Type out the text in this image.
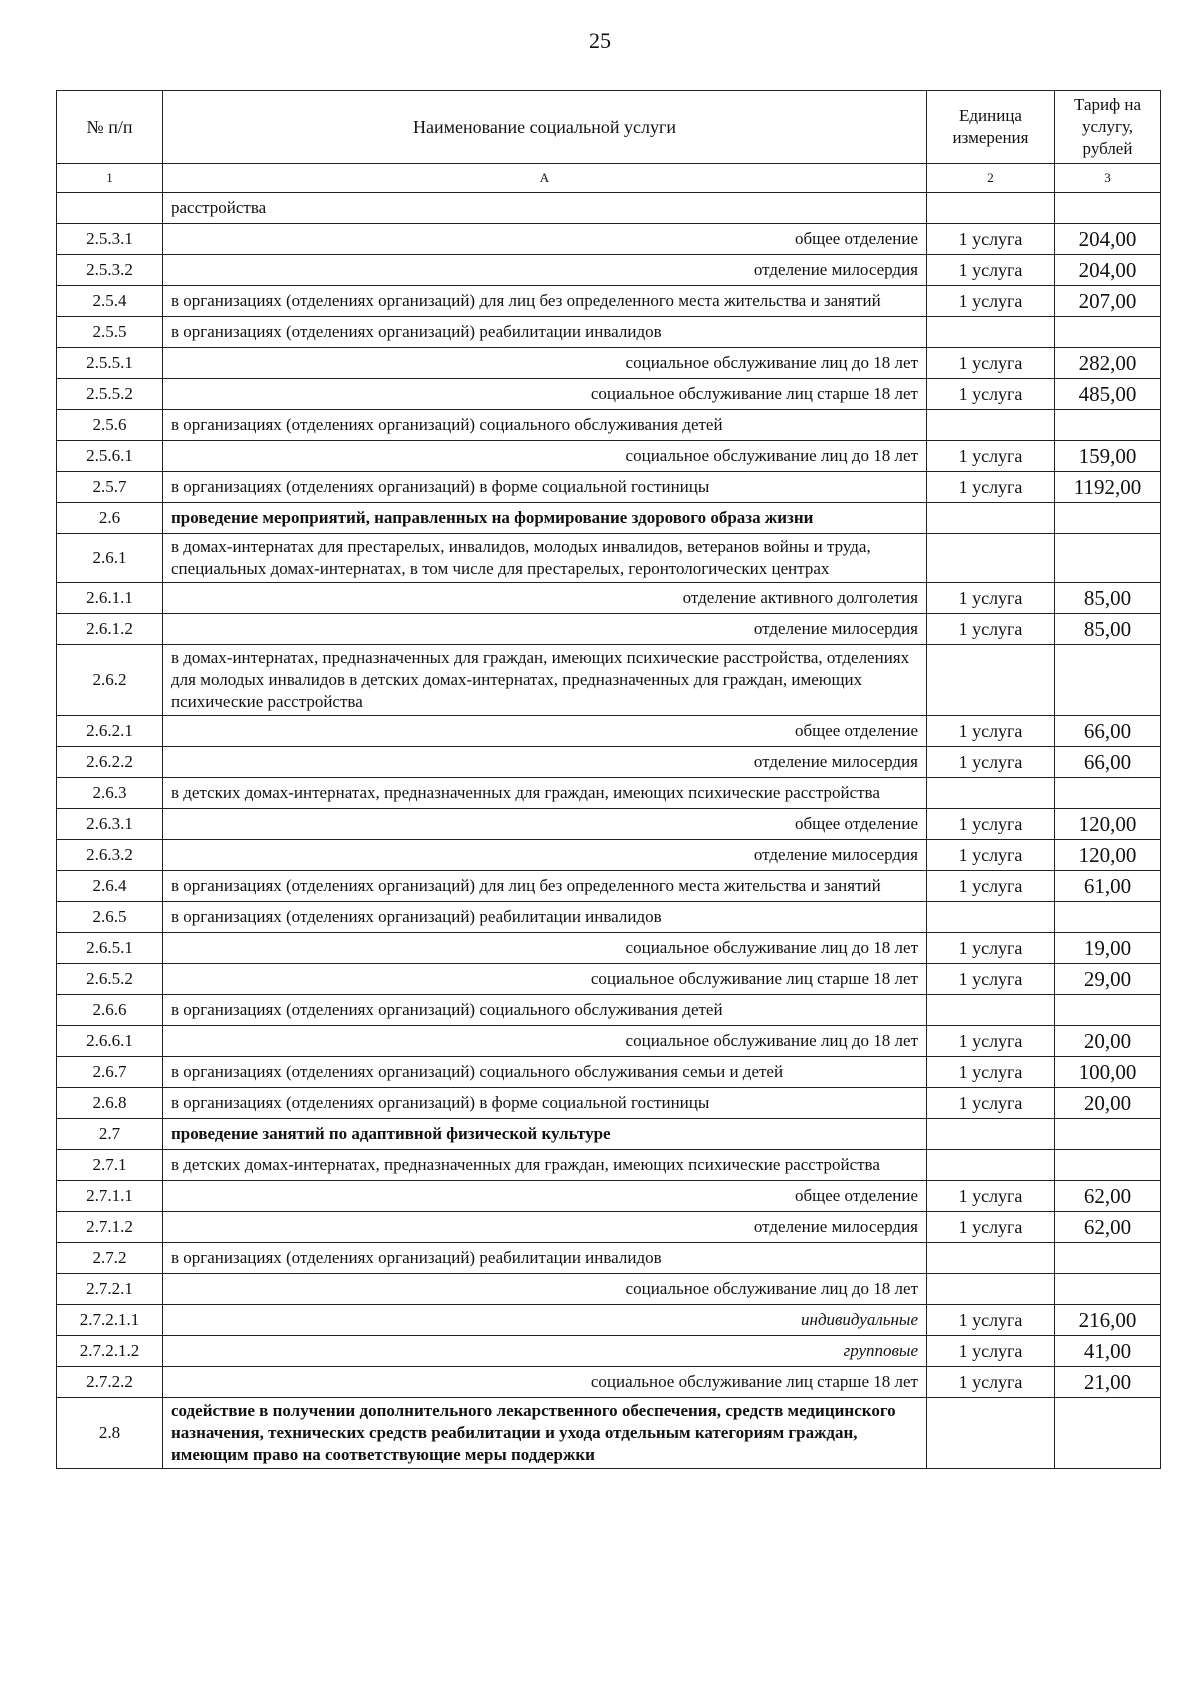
25
№ п/п	Наименование социальной услуги	Единица измерения	Тариф на услугу, рублей
1	А	2	3
	расстройства		
2.5.3.1	общее отделение	1 услуга	204,00
2.5.3.2	отделение милосердия	1 услуга	204,00
2.5.4	в организациях (отделениях организаций) для лиц без определенного места жительства и занятий	1 услуга	207,00
2.5.5	в организациях (отделениях организаций) реабилитации инвалидов		
2.5.5.1	социальное обслуживание лиц до 18 лет	1 услуга	282,00
2.5.5.2	социальное обслуживание лиц старше 18 лет	1 услуга	485,00
2.5.6	в организациях (отделениях организаций) социального обслуживания детей		
2.5.6.1	социальное обслуживание лиц до 18 лет	1 услуга	159,00
2.5.7	в организациях (отделениях организаций) в форме социальной гостиницы	1 услуга	1192,00
2.6	проведение мероприятий, направленных на формирование здорового образа жизни		
2.6.1	в домах-интернатах для престарелых, инвалидов, молодых инвалидов, ветеранов войны и труда, специальных домах-интернатах, в том числе для престарелых, геронтологических центрах		
2.6.1.1	отделение активного долголетия	1 услуга	85,00
2.6.1.2	отделение милосердия	1 услуга	85,00
2.6.2	в домах-интернатах, предназначенных для граждан, имеющих психические расстройства, отделениях для молодых инвалидов в детских домах-интернатах, предназначенных для граждан, имеющих психические расстройства		
2.6.2.1	общее отделение	1 услуга	66,00
2.6.2.2	отделение милосердия	1 услуга	66,00
2.6.3	в детских домах-интернатах, предназначенных для граждан, имеющих психические расстройства		
2.6.3.1	общее отделение	1 услуга	120,00
2.6.3.2	отделение милосердия	1 услуга	120,00
2.6.4	в организациях (отделениях организаций) для лиц без определенного места жительства и занятий	1 услуга	61,00
2.6.5	в организациях (отделениях организаций) реабилитации инвалидов		
2.6.5.1	социальное обслуживание лиц до 18 лет	1 услуга	19,00
2.6.5.2	социальное обслуживание лиц старше 18 лет	1 услуга	29,00
2.6.6	в организациях (отделениях организаций) социального обслуживания детей		
2.6.6.1	социальное обслуживание лиц до 18 лет	1 услуга	20,00
2.6.7	в организациях (отделениях организаций) социального обслуживания семьи и детей	1 услуга	100,00
2.6.8	в организациях (отделениях организаций) в форме социальной гостиницы	1 услуга	20,00
2.7	проведение занятий по адаптивной физической культуре		
2.7.1	в детских домах-интернатах, предназначенных для граждан, имеющих психические расстройства		
2.7.1.1	общее отделение	1 услуга	62,00
2.7.1.2	отделение милосердия	1 услуга	62,00
2.7.2	в организациях (отделениях организаций) реабилитации инвалидов		
2.7.2.1	социальное обслуживание лиц до 18 лет		
2.7.2.1.1	индивидуальные	1 услуга	216,00
2.7.2.1.2	групповые	1 услуга	41,00
2.7.2.2	социальное обслуживание лиц старше 18 лет	1 услуга	21,00
2.8	содействие в получении дополнительного лекарственного обеспечения, средств медицинского назначения, технических средств реабилитации и ухода отдельным категориям граждан, имеющим право на соответствующие меры поддержки		
